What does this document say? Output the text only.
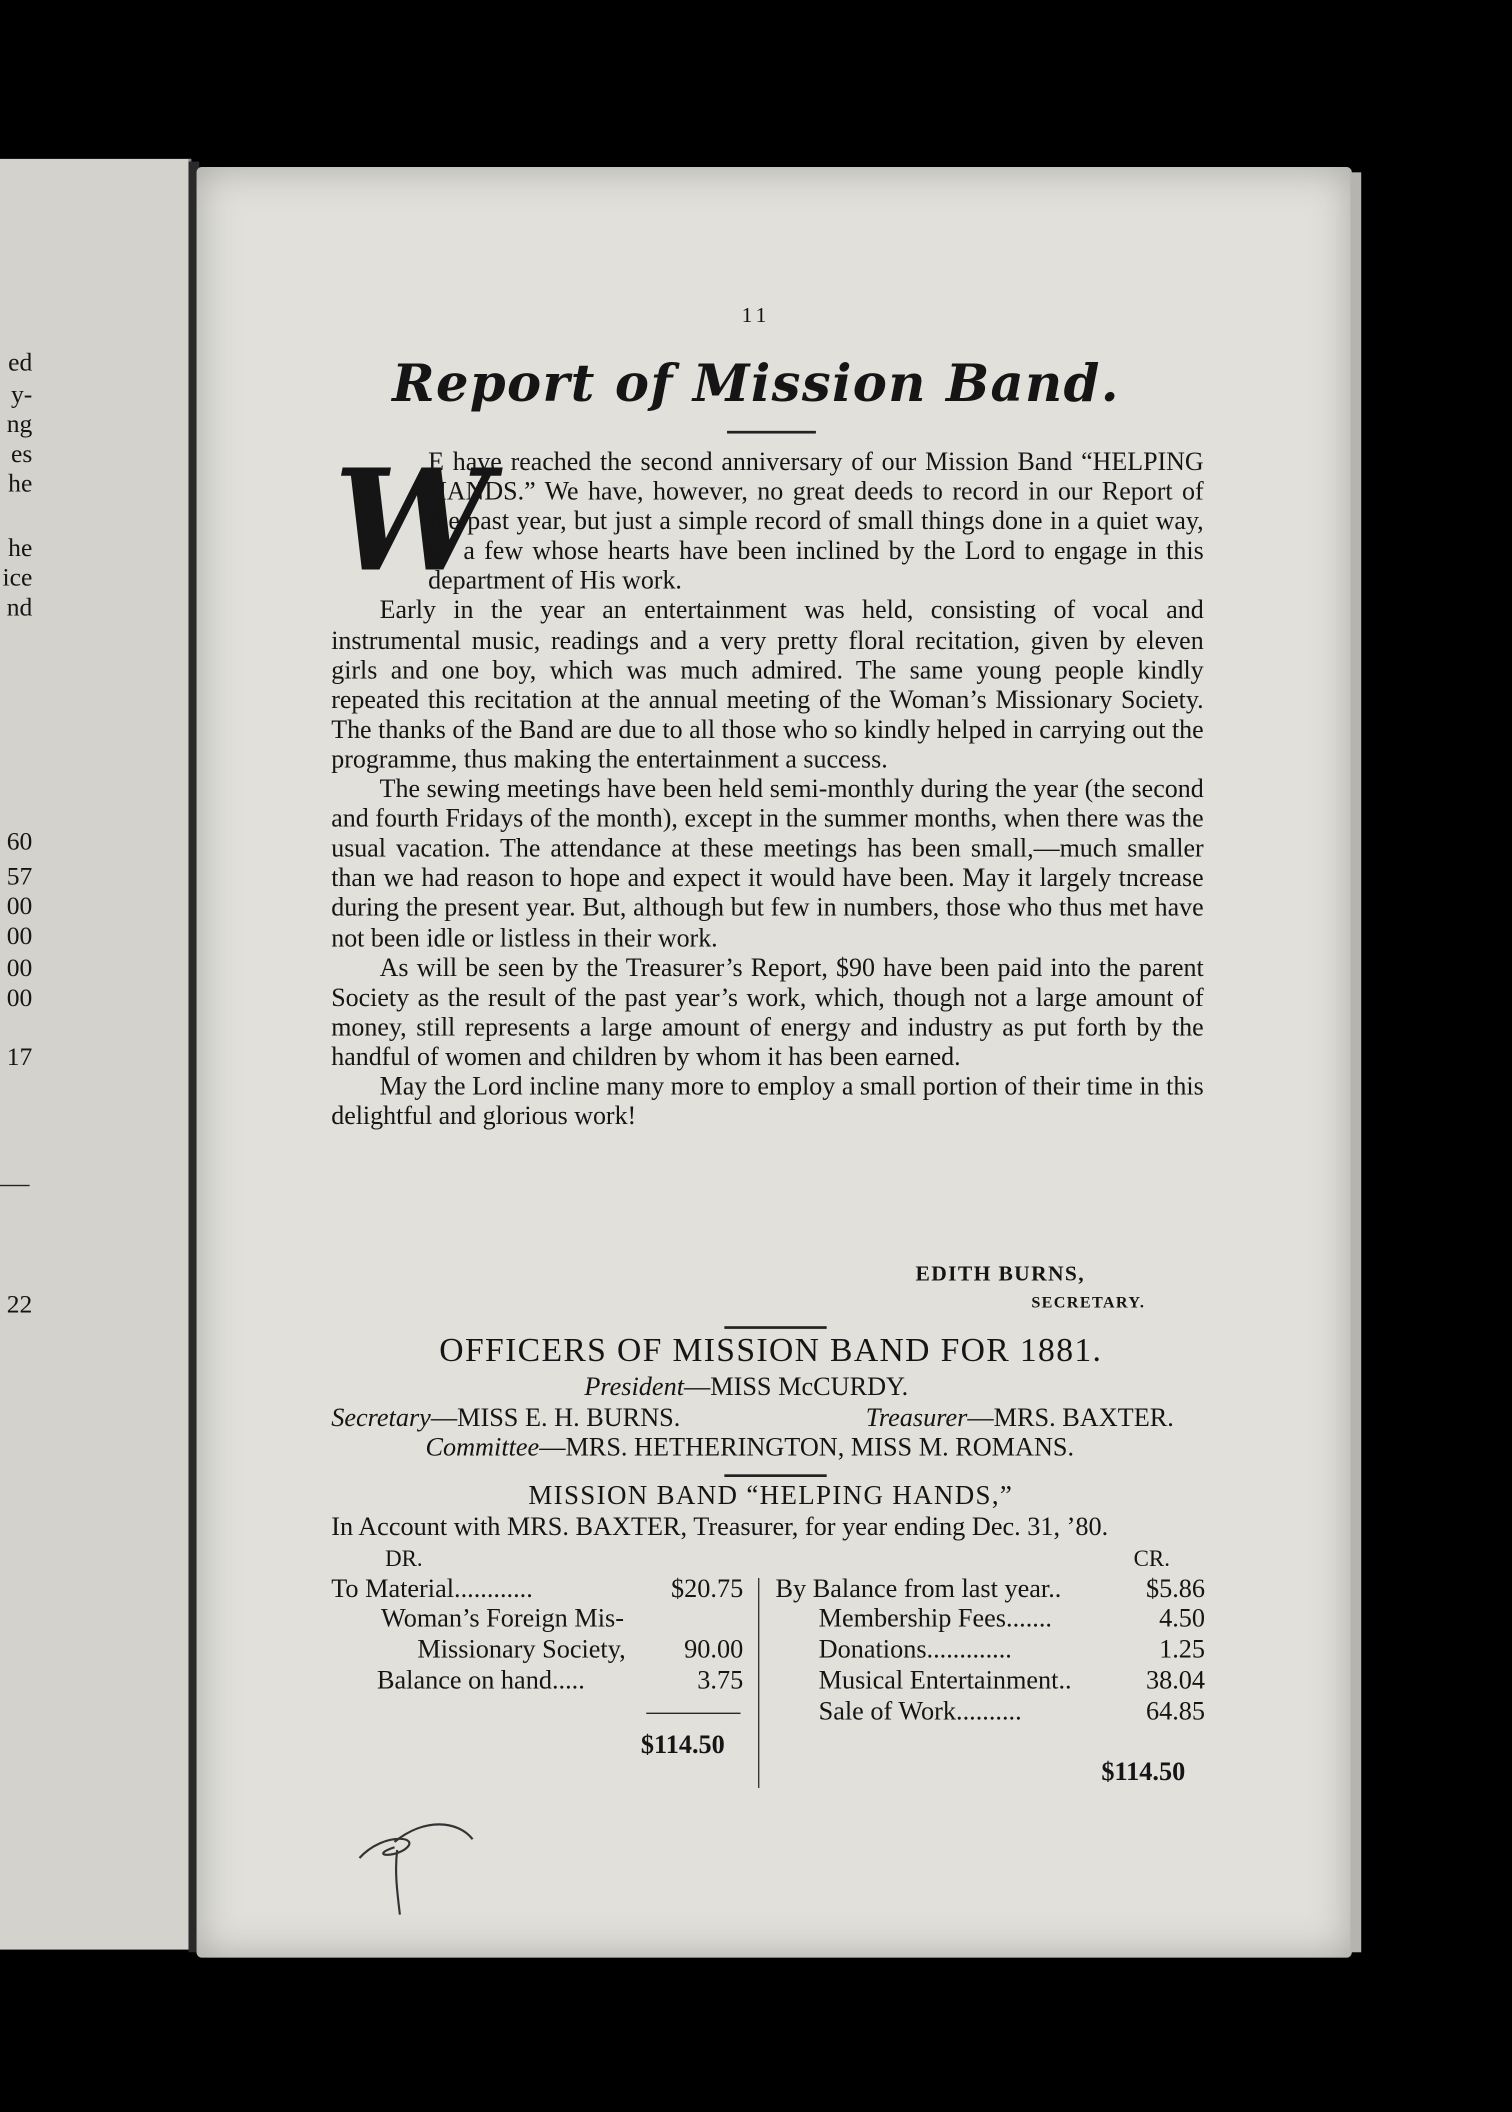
ed
y-
ng
es
he
he
ice
nd
60
57
00
00
00
00
17
22
11
Report of Mission Band.

W
E have reached the second anniversary of our Mission Band “HELPING HANDS.” We have, however, no great deeds to record in our Report of the past year, but just a simple record of small things done in a quiet way, by a few whose hearts have been inclined by the Lord to engage in this department of His work.

Early in the year an entertainment was held, consisting of vocal and instrumental music, readings and a very pretty floral recitation, given by eleven girls and one boy, which was much admired. The same young people kindly repeated this recitation at the annual meeting of the Woman’s Missionary Society. The thanks of the Band are due to all those who so kindly helped in carrying out the programme, thus making the entertainment a success.

The sewing meetings have been held semi-monthly during the year (the second and fourth Fridays of the month), except in the summer months, when there was the usual vacation. The attendance at these meetings has been small,—much smaller than we had reason to hope and expect it would have been. May it largely tncrease during the present year. But, although but few in numbers, those who thus met have not been idle or listless in their work.

As will be seen by the Treasurer’s Report, $90 have been paid into the parent Society as the result of the past year’s work, which, though not a large amount of money, still represents a large amount of energy and industry as put forth by the handful of women and children by whom it has been earned.

May the Lord incline many more to employ a small portion of their time in this delightful and glorious work!

EDITH BURNS,
SECRETARY.
OFFICERS OF MISSION BAND FOR 1881.
President—MISS McCURDY.
Secretary—MISS E. H. BURNS.	Treasurer—MRS. BAXTER.
Committee—MRS. HETHERINGTON, MISS M. ROMANS.
MISSION BAND “HELPING HANDS,”
In Account with MRS. BAXTER, Treasurer, for year ending Dec. 31, ’80.
DR.	CR.
To Material............	$20.75
Woman’s Foreign Mis-
Missionary Society,	90.00
Balance on hand.....	3.75
$114.50
By Balance from last year..	$5.86
Membership Fees.......	4.50
Donations.............	1.25
Musical Entertainment..	38.04
Sale of Work..........	64.85
$114.50
